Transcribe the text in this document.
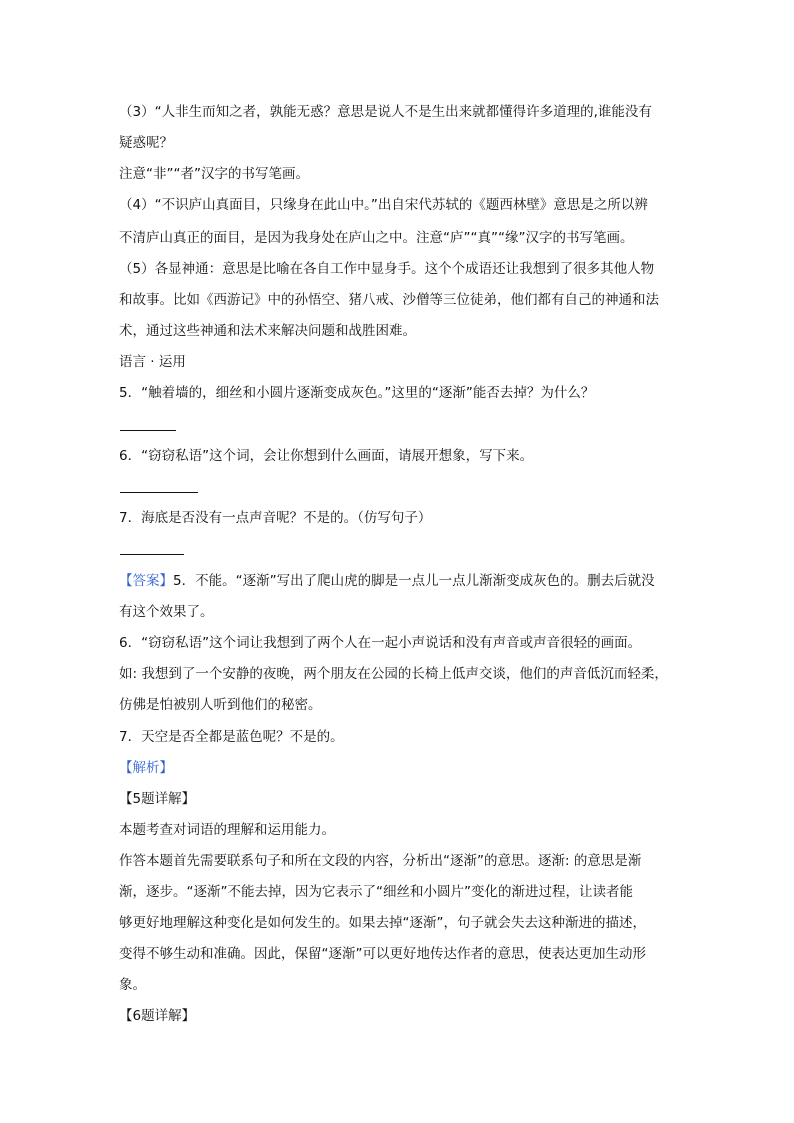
（3）“人非生而知之者，孰能无惑？意思是说人不是生出来就都懂得许多道理的,谁能没有
疑惑呢？
注意“非”“者”汉字的书写笔画。
（4）“不识庐山真面目，只缘身在此山中。”出自宋代苏轼的《题西林壁》意思是之所以辨
不清庐山真正的面目，是因为我身处在庐山之中。注意“庐”“真”“缘”汉字的书写笔画。
（5）各显神通：意思是比喻在各自工作中显身手。这个个成语还让我想到了很多其他人物
和故事。比如《西游记》中的孙悟空、猪八戒、沙僧等三位徒弟，他们都有自己的神通和法
术，通过这些神通和法术来解决问题和战胜困难。
语言 · 运用
5．“触着墙的，细丝和小圆片逐渐变成灰色。”这里的“逐渐”能否去掉？为什么？
6．“窃窃私语”这个词，会让你想到什么画面，请展开想象，写下来。
7．海底是否没有一点声音呢？不是的。（仿写句子）
【答案】5．不能。“逐渐”写出了爬山虎的脚是一点儿一点儿渐渐变成灰色的。删去后就没
有这个效果了。
6．“窃窃私语”这个词让我想到了两个人在一起小声说话和没有声音或声音很轻的画面。
如: 我想到了一个安静的夜晚，两个朋友在公园的长椅上低声交谈，他们的声音低沉而轻柔，
仿佛是怕被别人听到他们的秘密。
7．天空是否全都是蓝色呢？不是的。
【解析】
【5题详解】
本题考查对词语的理解和运用能力。
作答本题首先需要联系句子和所在文段的内容，分析出“逐渐”的意思。逐渐: 的意思是渐
渐，逐步。“逐渐”不能去掉，因为它表示了“细丝和小圆片”变化的渐进过程，让读者能
够更好地理解这种变化是如何发生的。如果去掉“逐渐”，句子就会失去这种渐进的描述，
变得不够生动和准确。因此，保留“逐渐”可以更好地传达作者的意思，使表达更加生动形
象。
【6题详解】
